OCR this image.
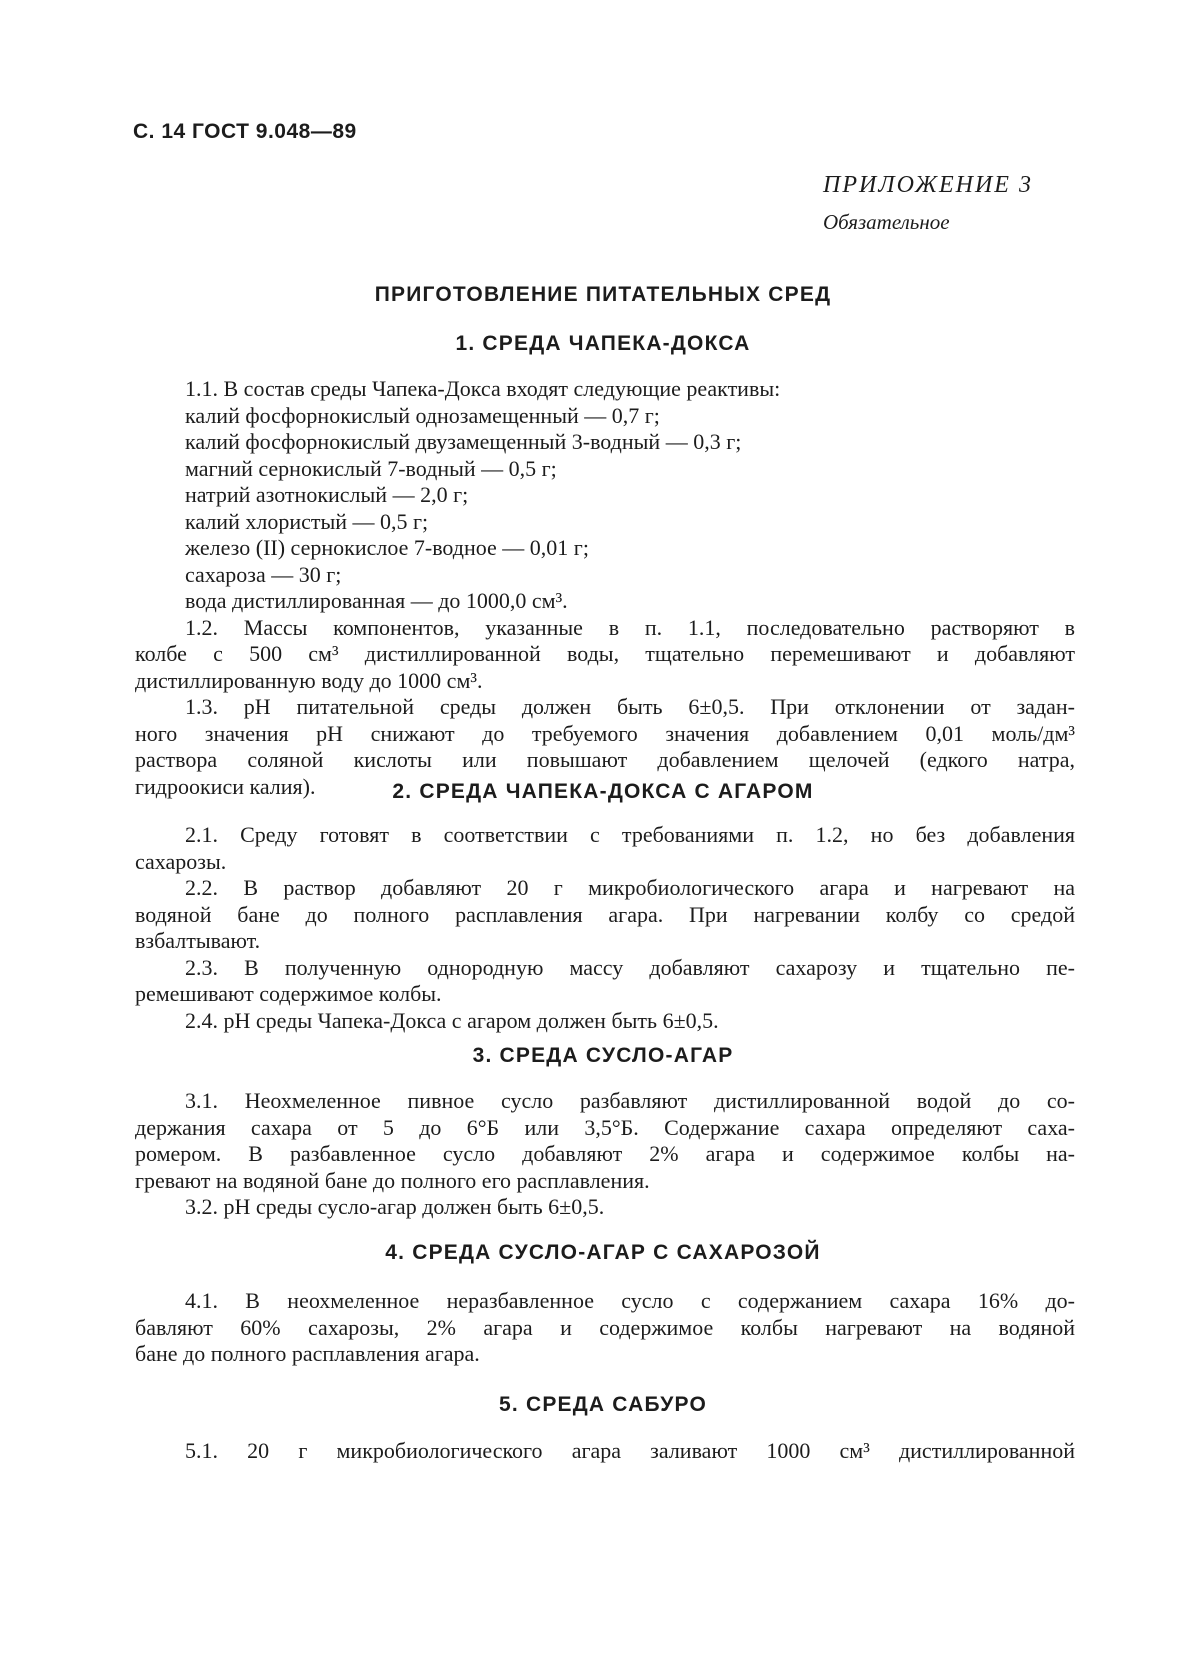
С. 14 ГОСТ 9.048—89
ПРИЛОЖЕНИЕ 3
Обязательное
ПРИГОТОВЛЕНИЕ ПИТАТЕЛЬНЫХ СРЕД
1. СРЕДА ЧАПЕКА-ДОКСА

1.1. В состав среды Чапека-Докса входят следующие реактивы:

калий фосфорнокислый однозамещенный — 0,7 г;

калий фосфорнокислый двузамещенный 3-водный — 0,3 г;

магний сернокислый 7-водный — 0,5 г;

натрий азотнокислый — 2,0 г;

калий хлористый — 0,5 г;

железо (II) сернокислое 7-водное — 0,01 г;

сахароза — 30 г;

вода дистиллированная — до 1000,0 см³.

1.2. Массы компонентов, указанные в п. 1.1, последовательно растворяют в

колбе с 500 см³ дистиллированной воды, тщательно перемешивают и добавляют

дистиллированную воду до 1000 см³.

1.3. pH питательной среды должен быть 6±0,5. При отклонении от задан-

ного значения pH снижают до требуемого значения добавлением 0,01 моль/дм³

раствора соляной кислоты или повышают добавлением щелочей (едкого натра,

гидроокиси калия).	2. СРЕДА ЧАПЕКА-ДОКСА С АГАРОМ

2.1. Среду готовят в соответствии с требованиями п. 1.2, но без добавления

сахарозы.

2.2. В раствор добавляют 20 г микробиологического агара и нагревают на

водяной бане до полного расплавления агара. При нагревании колбу со средой

взбалтывают.

2.3. В полученную однородную массу добавляют сахарозу и тщательно пе-

ремешивают содержимое колбы.

2.4. pH среды Чапека-Докса с агаром должен быть 6±0,5.

3. СРЕДА СУСЛО-АГАР

3.1. Неохмеленное пивное сусло разбавляют дистиллированной водой до со-

держания сахара от 5 до 6°Б или 3,5°Б. Содержание сахара определяют саха-

ромером. В разбавленное сусло добавляют 2% агара и содержимое колбы на-

гревают на водяной бане до полного его расплавления.

3.2. pH среды сусло-агар должен быть 6±0,5.

4. СРЕДА СУСЛО-АГАР С САХАРОЗОЙ

4.1. В неохмеленное неразбавленное сусло с содержанием сахара 16% до-

бавляют 60% сахарозы, 2% агара и содержимое колбы нагревают на водяной

бане до полного расплавления агара.

5. СРЕДА САБУРО

5.1. 20 г микробиологического агара заливают 1000 см³ дистиллированной
